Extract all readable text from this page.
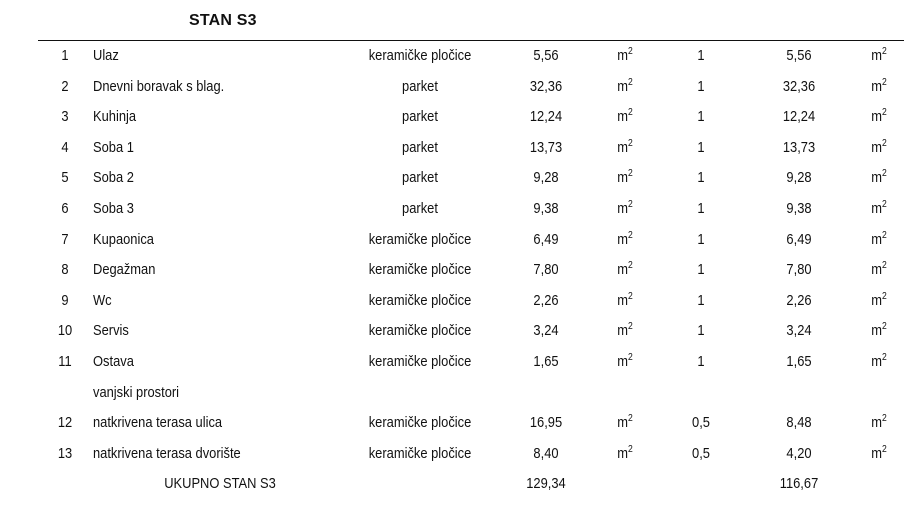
STAN S3
1	Ulaz	keramičke pločice	5,56	$m^2$	1	5,56	$m^2$
2	Dnevni boravak s blag.	parket	32,36	$m^2$	1	32,36	$m^2$
3	Kuhinja	parket	12,24	$m^2$	1	12,24	$m^2$
4	Soba 1	parket	13,73	$m^2$	1	13,73	$m^2$
5	Soba 2	parket	9,28	$m^2$	1	9,28	$m^2$
6	Soba 3	parket	9,38	$m^2$	1	9,38	$m^2$
7	Kupaonica	keramičke pločice	6,49	$m^2$	1	6,49	$m^2$
8	Degažman	keramičke pločice	7,80	$m^2$	1	7,80	$m^2$
9	Wc	keramičke pločice	2,26	$m^2$	1	2,26	$m^2$
10	Servis	keramičke pločice	3,24	$m^2$	1	3,24	$m^2$
11	Ostava	keramičke pločice	1,65	$m^2$	1	1,65	$m^2$
vanjski prostori
12	natkrivena terasa ulica	keramičke pločice	16,95	$m^2$	0,5	8,48	$m^2$
13	natkrivena terasa dvorište	keramičke pločice	8,40	$m^2$	0,5	4,20	$m^2$
UKUPNO STAN S3	129,34	116,67
